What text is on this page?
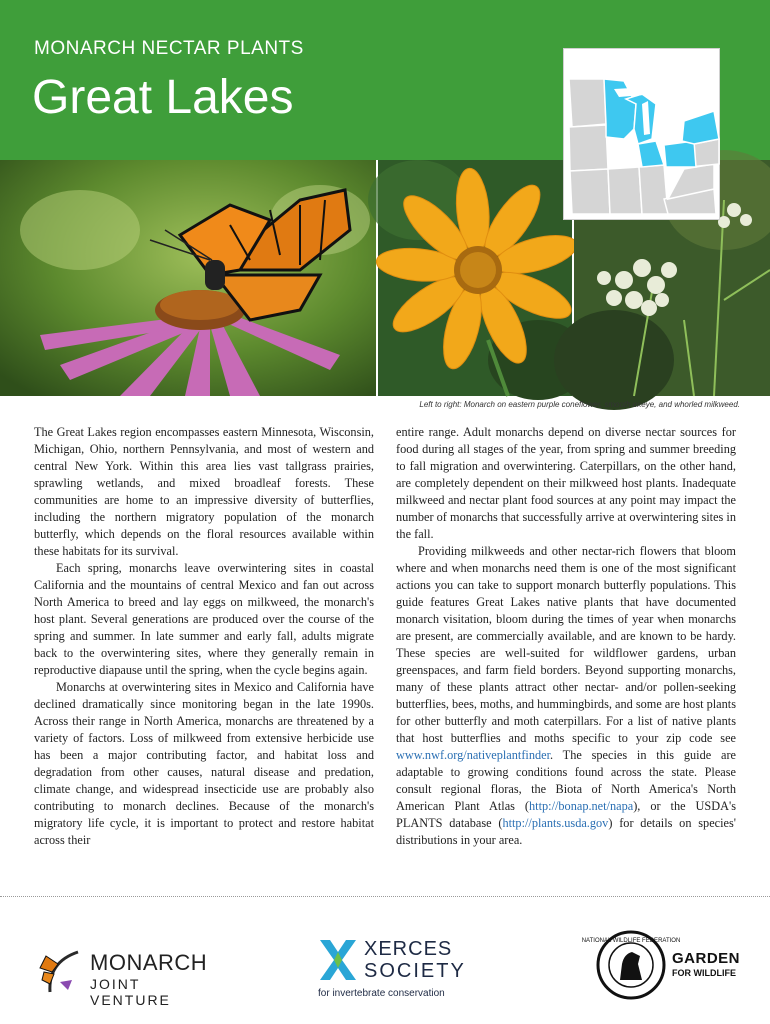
MONARCH NECTAR PLANTS
Great Lakes
Left to right: Monarch on eastern purple coneflower, smooth oxeye, and whorled milkweed.

The Great Lakes region encompasses eastern Minnesota, Wisconsin, Michigan, Ohio, northern Pennsylvania, and most of western and central New York. Within this area lies vast tallgrass prairies, sprawling wetlands, and mixed broadleaf forests. These communities are home to an impressive diversity of butterflies, including the northern migratory population of the monarch butterfly, which depends on the floral resources available within these habitats for its survival.

Each spring, monarchs leave overwintering sites in coastal California and the mountains of central Mexico and fan out across North America to breed and lay eggs on milkweed, the monarch's host plant. Several generations are produced over the course of the spring and summer. In late summer and early fall, adults migrate back to the overwintering sites, where they generally remain in reproductive diapause until the spring, when the cycle begins again.

Monarchs at overwintering sites in Mexico and California have declined dramatically since monitoring began in the late 1990s. Across their range in North America, monarchs are threatened by a variety of factors. Loss of milkweed from extensive herbicide use has been a major contributing factor, and habitat loss and degradation from other causes, natural disease and predation, climate change, and widespread insecticide use are probably also contributing to monarch declines. Because of the monarch's migratory life cycle, it is important to protect and restore habitat across their

entire range. Adult monarchs depend on diverse nectar sources for food during all stages of the year, from spring and summer breeding to fall migration and overwintering. Caterpillars, on the other hand, are completely dependent on their milkweed host plants. Inadequate milkweed and nectar plant food sources at any point may impact the number of monarchs that successfully arrive at overwintering sites in the fall.

Providing milkweeds and other nectar-rich flowers that bloom where and when monarchs need them is one of the most significant actions you can take to support monarch butterfly populations. This guide features Great Lakes native plants that have documented monarch visitation, bloom during the times of year when monarchs are present, are commercially available, and are known to be hardy. These species are well-suited for wildflower gardens, urban greenspaces, and farm field borders. Beyond supporting monarchs, many of these plants attract other nectar- and/or pollen-seeking butterflies, bees, moths, and hummingbirds, and some are host plants for other butterfly and moth caterpillars. For a list of native plants that host butterflies and moths specific to your zip code see www.nwf.org/nativeplantfinder. The species in this guide are adaptable to growing conditions found across the state. Please consult regional floras, the Biota of North America's North American Plant Atlas (http://bonap.net/napa), or the USDA's PLANTS database (http://plants.usda.gov) for details on species' distributions in your area.

MONARCH
JOINT VENTURE
XERCES
SOCIETY
for invertebrate conservation
NATIONAL WILDLIFE FEDERATION
GARDEN
FOR WILDLIFE
